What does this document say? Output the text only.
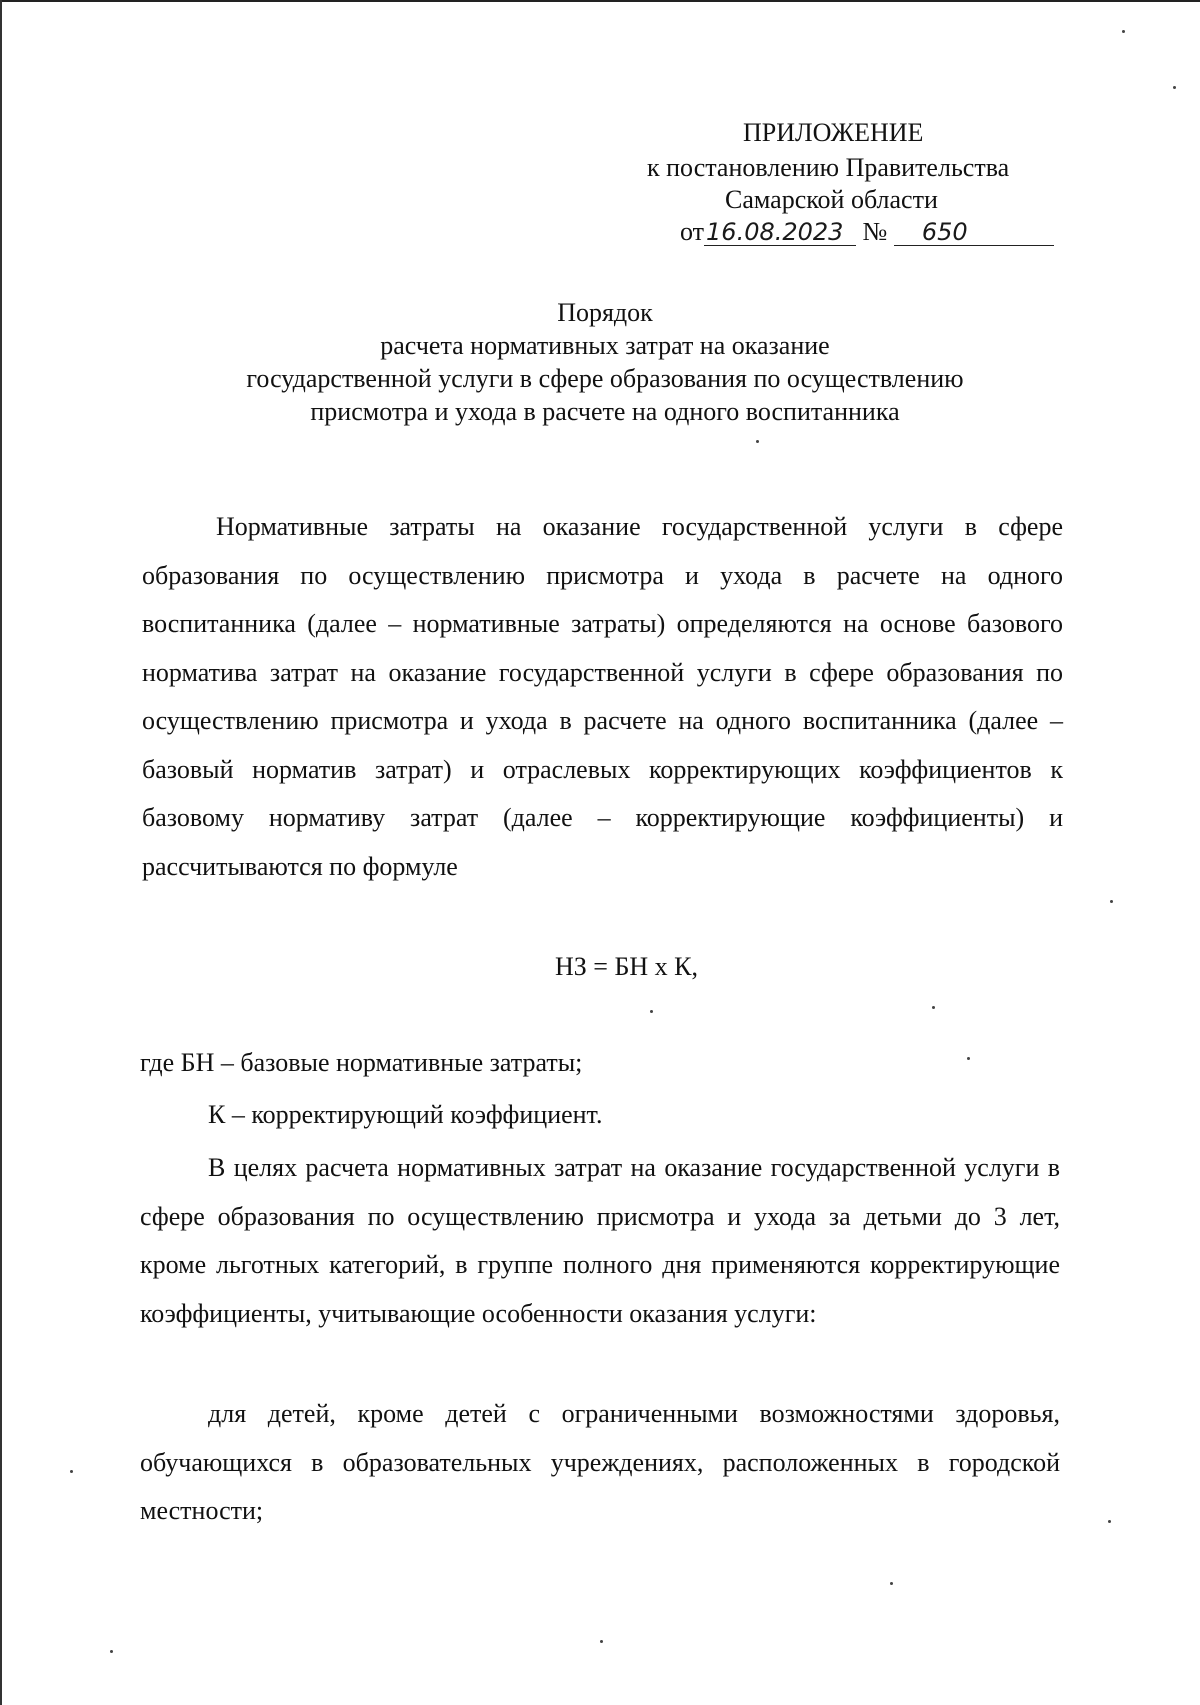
ПРИЛОЖЕНИЕ
к постановлению Правительства
Самарской области
от16.08.2023 № 650
Порядок
расчета нормативных затрат на оказание
государственной услуги в сфере образования по осуществлению
присмотра и ухода в расчете на одного воспитанника
Нормативные затраты на оказание государственной услуги в сфере образования по осуществлению присмотра и ухода в расчете на одного воспитанника (далее – нормативные затраты) определяются на основе базового норматива затрат на оказание государственной услуги в сфере образования по осуществлению присмотра и ухода в расчете на одного воспитанника (далее – базовый норматив затрат) и отраслевых корректирующих коэффициентов к базовому нормативу затрат (далее – корректирующие коэффициенты) и рассчитываются по формуле
НЗ = БН x К,
где БН – базовые нормативные затраты;
К – корректирующий коэффициент.
В целях расчета нормативных затрат на оказание государственной услуги в сфере образования по осуществлению присмотра и ухода за детьми до 3 лет, кроме льготных категорий, в группе полного дня применяются корректирующие коэффициенты, учитывающие особенности оказания услуги:
для детей, кроме детей с ограниченными возможностями здоровья, обучающихся в образовательных учреждениях, расположенных в городской местности;
